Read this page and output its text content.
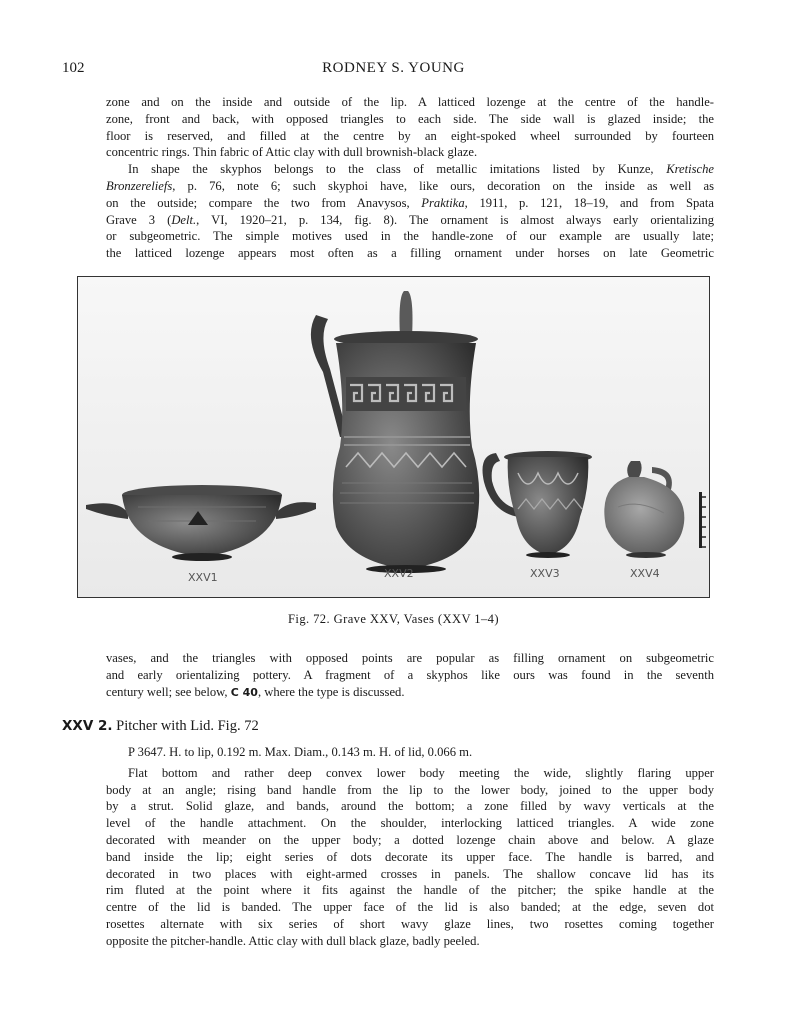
102	RODNEY S. YOUNG

zone and on the inside and outside of the lip. A latticed lozenge at the centre of the handle-

zone, front and back, with opposed triangles to each side. The side wall is glazed inside; the

floor is reserved, and filled at the centre by an eight-spoked wheel surrounded by fourteen

concentric rings. Thin fabric of Attic clay with dull brownish-black glaze.

In shape the skyphos belongs to the class of metallic imitations listed by Kunze, Kretische

Bronzereliefs, p. 76, note 6; such skyphoi have, like ours, decoration on the inside as well as

on the outside; compare the two from Anavysos, Praktika, 1911, p. 121, 18–19, and from Spata

Grave 3 (Delt., VI, 1920–21, p. 134, fig. 8). The ornament is almost always early orientalizing

or subgeometric. The simple motives used in the handle-zone of our example are usually late;

the latticed lozenge appears most often as a filling ornament under horses on late Geometric

XXV1	XXV2	XXV3	XXV4
Fig. 72. Grave XXV, Vases (XXV 1–4)

vases, and the triangles with opposed points are popular as filling ornament on subgeometric

and early orientalizing pottery. A fragment of a skyphos like ours was found in the seventh

century well; see below, C 40, where the type is discussed.

XXV 2. Pitcher with Lid. Fig. 72

P 3647. H. to lip, 0.192 m. Max. Diam., 0.143 m. H. of lid, 0.066 m.

Flat bottom and rather deep convex lower body meeting the wide, slightly flaring upper

body at an angle; rising band handle from the lip to the lower body, joined to the upper body

by a strut. Solid glaze, and bands, around the bottom; a zone filled by wavy verticals at the

level of the handle attachment. On the shoulder, interlocking latticed triangles. A wide zone

decorated with meander on the upper body; a dotted lozenge chain above and below. A glaze

band inside the lip; eight series of dots decorate its upper face. The handle is barred, and

decorated in two places with eight-armed crosses in panels. The shallow concave lid has its

rim fluted at the point where it fits against the handle of the pitcher; the spike handle at the

centre of the lid is banded. The upper face of the lid is also banded; at the edge, seven dot

rosettes alternate with six series of short wavy glaze lines, two rosettes coming together

opposite the pitcher-handle. Attic clay with dull black glaze, badly peeled.
